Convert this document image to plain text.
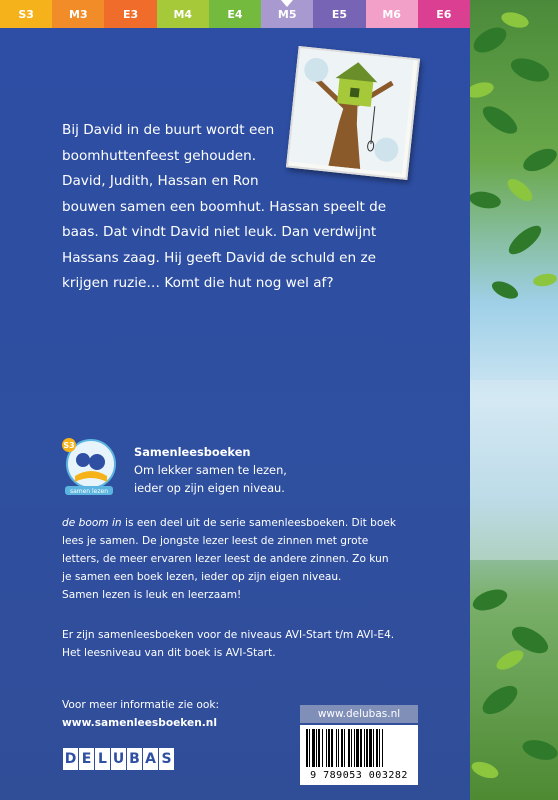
S3	M3	E3	M4	E4	M5	E5	M6	E6

Bij David in de buurt wordt een

boomhuttenfeest gehouden.

David, Judith, Hassan en Ron

bouwen samen een boomhut. Hassan speelt de

baas. Dat vindt David niet leuk. Dan verdwijnt

Hassans zaag. Hij geeft David de schuld en ze

krijgen ruzie… Komt die hut nog wel af?

S3
samen lezen
Samenleesboeken
Om lekker samen te lezen,
ieder op zijn eigen niveau.

de boom in is een deel uit de serie samenleesboeken. Dit boek

lees je samen. De jongste lezer leest de zinnen met grote

letters, de meer ervaren lezer leest de andere zinnen. Zo kun

je samen een boek lezen, ieder op zijn eigen niveau.

Samen lezen is leuk en leerzaam!

Er zijn samenleesboeken voor de niveaus AVI-Start t/m AVI-E4.

Het leesniveau van dit boek is AVI-Start.

Voor meer informatie zie ook:
www.samenleesboeken.nl
D E L U B A S
www.delubas.nl
9 789053 003282
